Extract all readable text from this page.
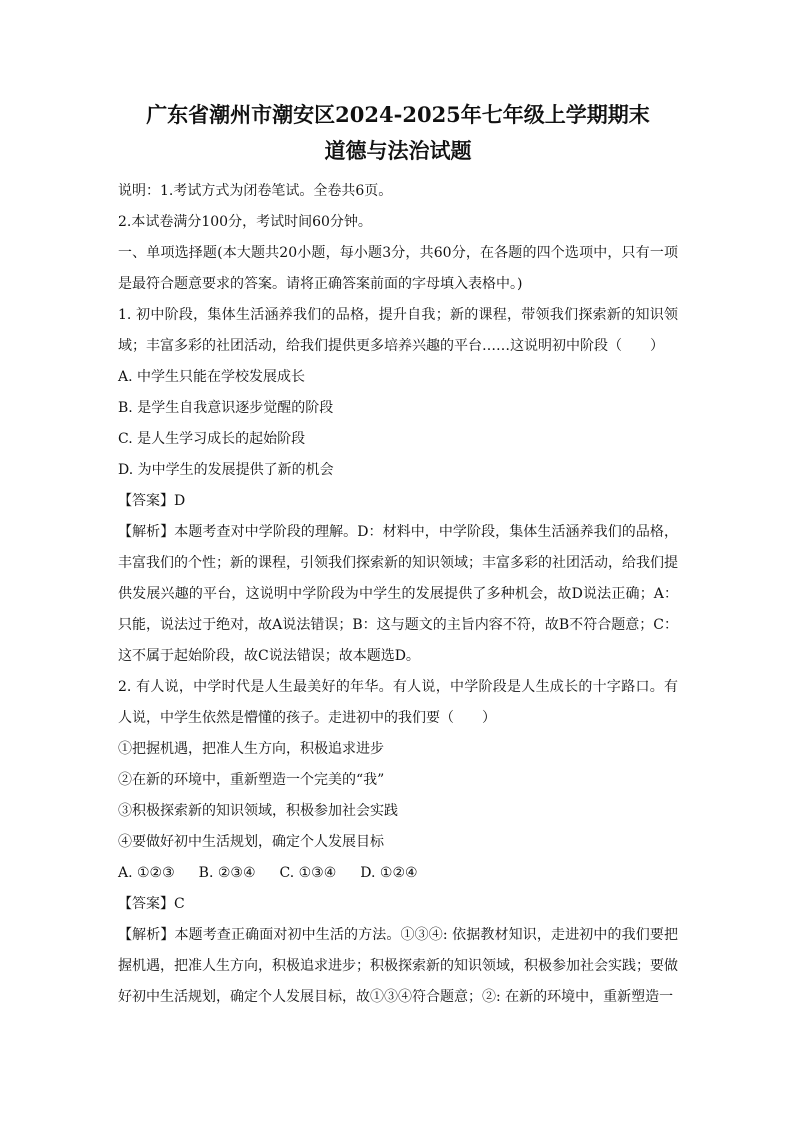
广东省潮州市潮安区2024-2025年七年级上学期期末

道德与法治试题

说明：1.考试方式为闭卷笔试。全卷共6页。

2.本试卷满分100分，考试时间60分钟。

一、单项选择题(本大题共20小题，每小题3分，共60分，在各题的四个选项中，只有一项是最符合题意要求的答案。请将正确答案前面的字母填入表格中。)

1. 初中阶段，集体生活涵养我们的品格，提升自我；新的课程，带领我们探索新的知识领域；丰富多彩的社团活动，给我们提供更多培养兴趣的平台……这说明初中阶段（　　）

A. 中学生只能在学校发展成长

B. 是学生自我意识逐步觉醒的阶段

C. 是人生学习成长的起始阶段

D. 为中学生的发展提供了新的机会

【答案】D

【解析】本题考查对中学阶段的理解。D：材料中，中学阶段，集体生活涵养我们的品格，丰富我们的个性；新的课程，引领我们探索新的知识领域；丰富多彩的社团活动，给我们提供发展兴趣的平台，这说明中学阶段为中学生的发展提供了多种机会，故D说法正确；A：只能，说法过于绝对，故A说法错误；B：这与题文的主旨内容不符，故B不符合题意；C：这不属于起始阶段，故C说法错误；故本题选D。

2. 有人说，中学时代是人生最美好的年华。有人说，中学阶段是人生成长的十字路口。有人说，中学生依然是懵懂的孩子。走进初中的我们要（　　）

①把握机遇，把准人生方向，积极追求进步

②在新的环境中，重新塑造一个完美的“我”

③积极探索新的知识领域，积极参加社会实践

④要做好初中生活规划，确定个人发展目标

A. ①②③ B. ②③④ C. ①③④ D. ①②④

【答案】C

【解析】本题考查正确面对初中生活的方法。①③④: 依据教材知识，走进初中的我们要把握机遇，把准人生方向，积极追求进步；积极探索新的知识领域，积极参加社会实践；要做好初中生活规划，确定个人发展目标，故①③④符合题意；②: 在新的环境中，重新塑造一
